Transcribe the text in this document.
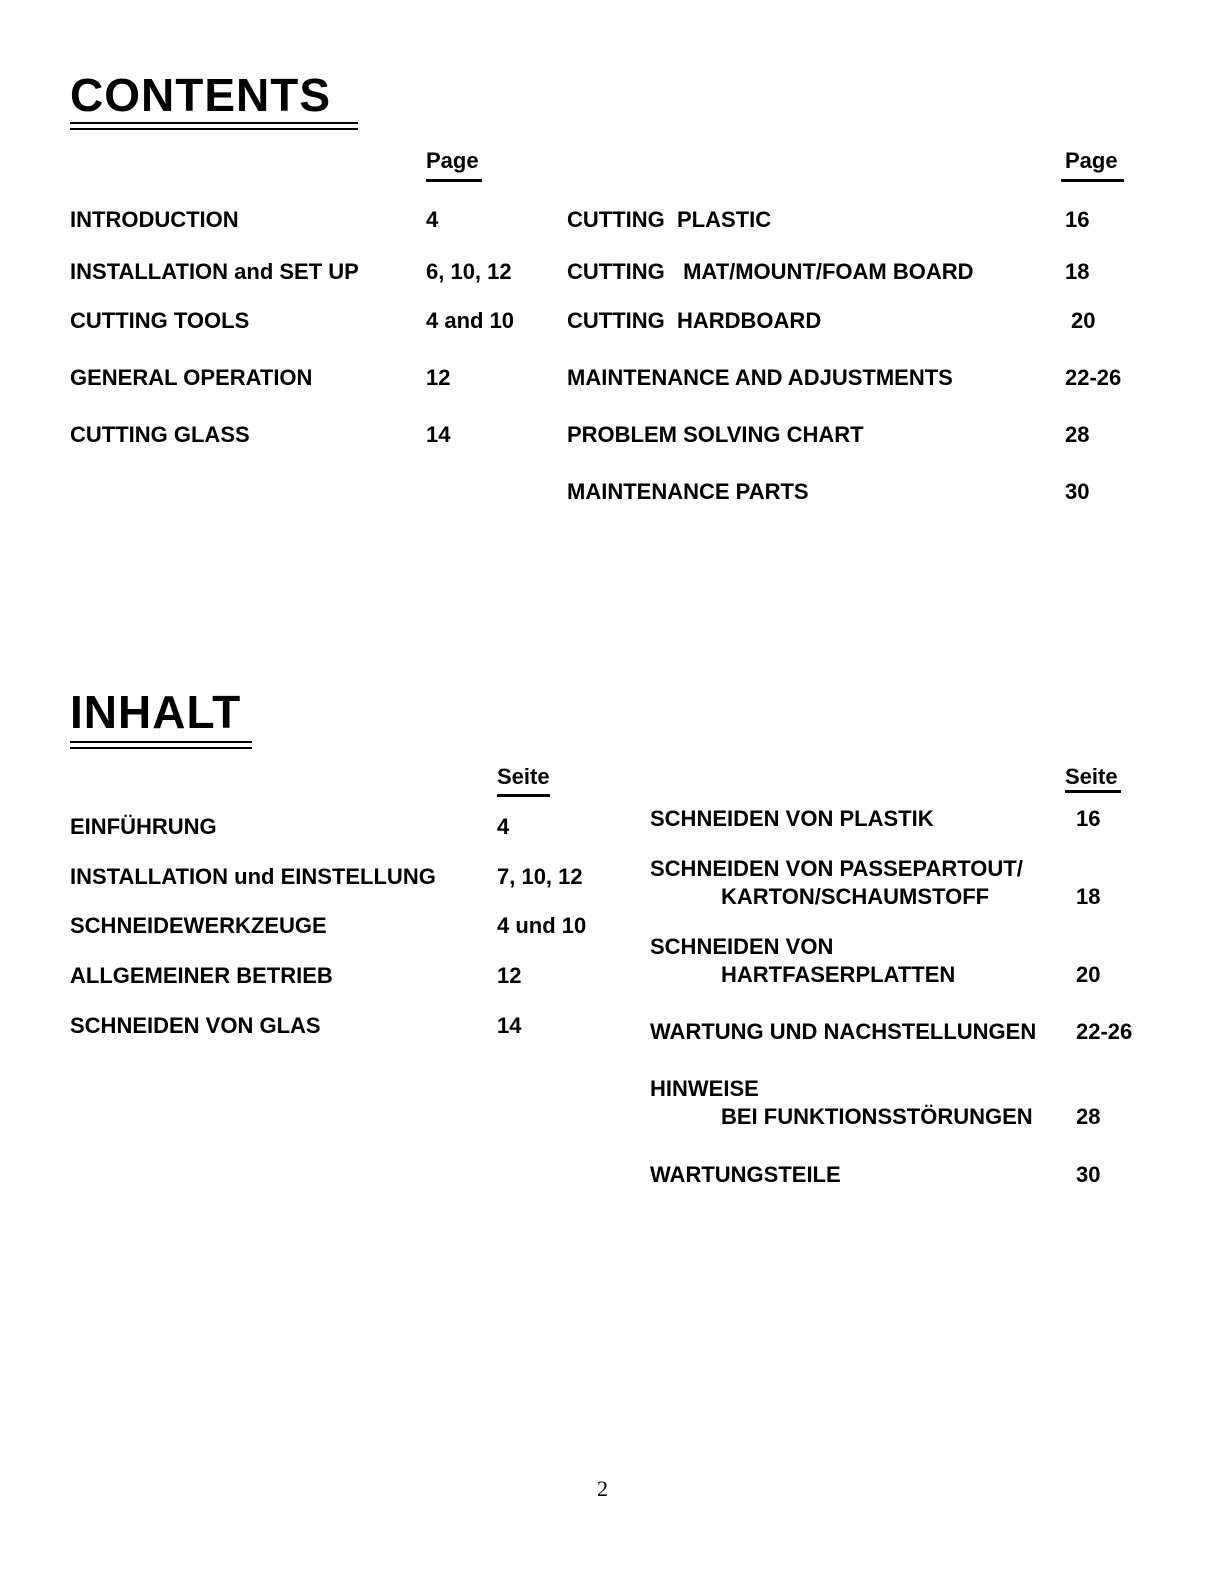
CONTENTS
Page	Page
INTRODUCTION	4
INSTALLATION and SET UP	6, 10, 12
CUTTING TOOLS	4 and 10
GENERAL OPERATION	12
CUTTING GLASS	14
CUTTING  PLASTIC	16
CUTTING   MAT/MOUNT/FOAM BOARD	18
CUTTING  HARDBOARD	20
MAINTENANCE AND ADJUSTMENTS	22-26
PROBLEM SOLVING CHART	28
MAINTENANCE PARTS	30
INHALT
Seite	Seite
EINFÜHRUNG	4
INSTALLATION und EINSTELLUNG	7, 10, 12
SCHNEIDEWERKZEUGE	4 und 10
ALLGEMEINER BETRIEB	12
SCHNEIDEN VON GLAS	14
SCHNEIDEN VON PLASTIK	16
SCHNEIDEN VON PASSEPARTOUT/
KARTON/SCHAUMSTOFF	18
SCHNEIDEN VON
HARTFASERPLATTEN	20
WARTUNG UND NACHSTELLUNGEN 22-26
HINWEISE
BEI FUNKTIONSSTÖRUNGEN 28
WARTUNGSTEILE	30
2
